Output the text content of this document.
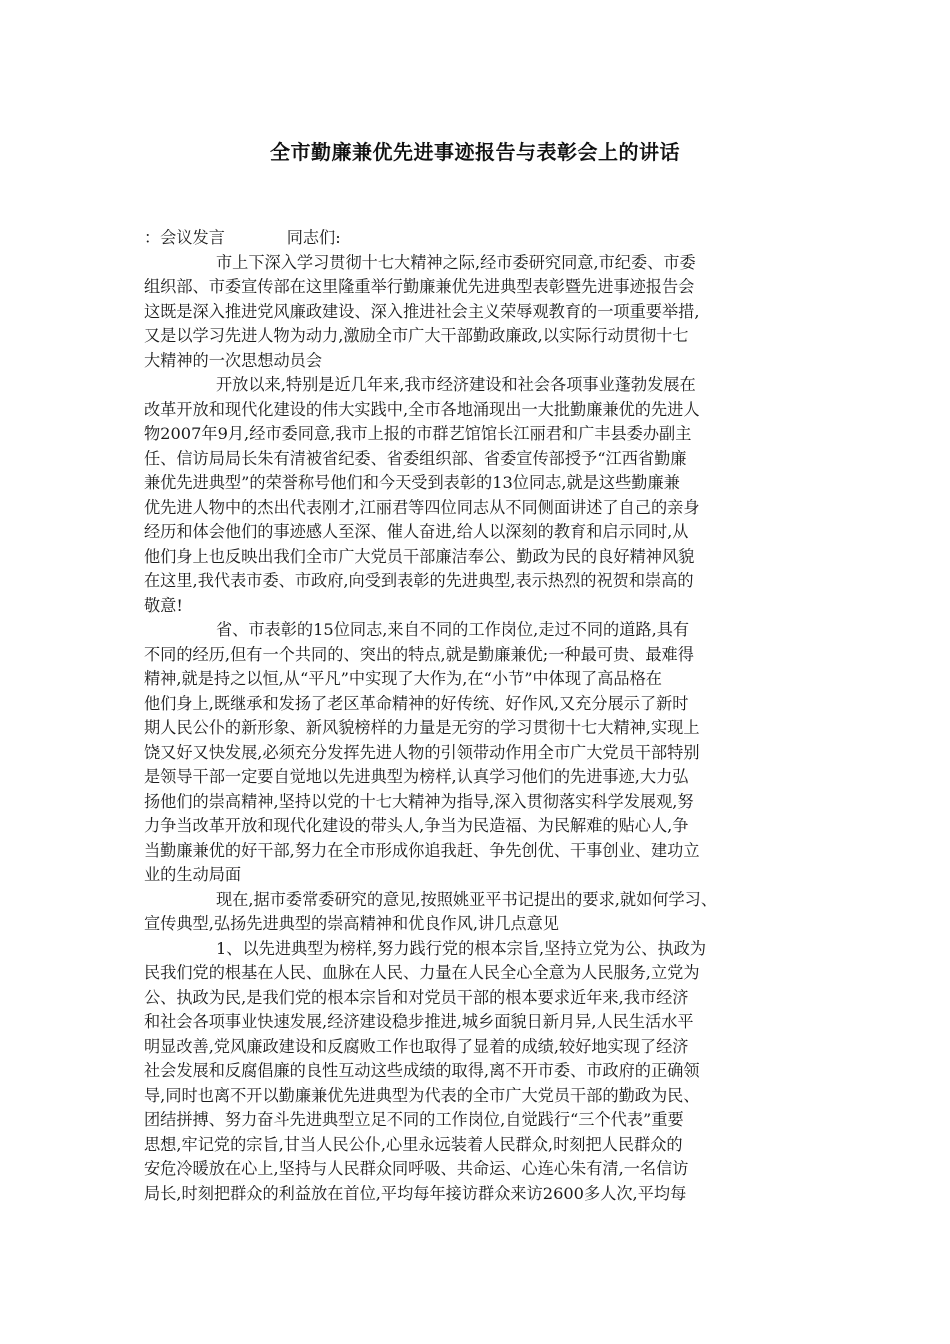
全市勤廉兼优先进事迹报告与表彰会上的讲话
：会议发言	同志们:
市上下深入学习贯彻十七大精神之际,经市委研究同意,市纪委、市委
组织部、市委宣传部在这里隆重举行勤廉兼优先进典型表彰暨先进事迹报告会
这既是深入推进党风廉政建设、深入推进社会主义荣辱观教育的一项重要举措,
又是以学习先进人物为动力,激励全市广大干部勤政廉政,以实际行动贯彻十七
大精神的一次思想动员会
开放以来,特别是近几年来,我市经济建设和社会各项事业蓬勃发展在
改革开放和现代化建设的伟大实践中,全市各地涌现出一大批勤廉兼优的先进人
物2007年9月,经市委同意,我市上报的市群艺馆馆长江丽君和广丰县委办副主
任、信访局局长朱有清被省纪委、省委组织部、省委宣传部授予“江西省勤廉
兼优先进典型”的荣誉称号他们和今天受到表彰的13位同志,就是这些勤廉兼
优先进人物中的杰出代表刚才,江丽君等四位同志从不同侧面讲述了自己的亲身
经历和体会他们的事迹感人至深、催人奋进,给人以深刻的教育和启示同时,从
他们身上也反映出我们全市广大党员干部廉洁奉公、勤政为民的良好精神风貌
在这里,我代表市委、市政府,向受到表彰的先进典型,表示热烈的祝贺和崇高的
敬意!
省、市表彰的15位同志,来自不同的工作岗位,走过不同的道路,具有
不同的经历,但有一个共同的、突出的特点,就是勤廉兼优;一种最可贵、最难得
精神,就是持之以恒,从“平凡”中实现了大作为,在“小节”中体现了高品格在
他们身上,既继承和发扬了老区革命精神的好传统、好作风,又充分展示了新时
期人民公仆的新形象、新风貌榜样的力量是无穷的学习贯彻十七大精神,实现上
饶又好又快发展,必须充分发挥先进人物的引领带动作用全市广大党员干部特别
是领导干部一定要自觉地以先进典型为榜样,认真学习他们的先进事迹,大力弘
扬他们的崇高精神,坚持以党的十七大精神为指导,深入贯彻落实科学发展观,努
力争当改革开放和现代化建设的带头人,争当为民造福、为民解难的贴心人,争
当勤廉兼优的好干部,努力在全市形成你追我赶、争先创优、干事创业、建功立
业的生动局面
现在,据市委常委研究的意见,按照姚亚平书记提出的要求,就如何学习、
宣传典型,弘扬先进典型的崇高精神和优良作风,讲几点意见
1、以先进典型为榜样,努力践行党的根本宗旨,坚持立党为公、执政为
民我们党的根基在人民、血脉在人民、力量在人民全心全意为人民服务,立党为
公、执政为民,是我们党的根本宗旨和对党员干部的根本要求近年来,我市经济
和社会各项事业快速发展,经济建设稳步推进,城乡面貌日新月异,人民生活水平
明显改善,党风廉政建设和反腐败工作也取得了显着的成绩,较好地实现了经济
社会发展和反腐倡廉的良性互动这些成绩的取得,离不开市委、市政府的正确领
导,同时也离不开以勤廉兼优先进典型为代表的全市广大党员干部的勤政为民、
团结拼搏、努力奋斗先进典型立足不同的工作岗位,自觉践行“三个代表”重要
思想,牢记党的宗旨,甘当人民公仆,心里永远装着人民群众,时刻把人民群众的
安危冷暖放在心上,坚持与人民群众同呼吸、共命运、心连心朱有清,一名信访
局长,时刻把群众的利益放在首位,平均每年接访群众来访2600多人次,平均每
